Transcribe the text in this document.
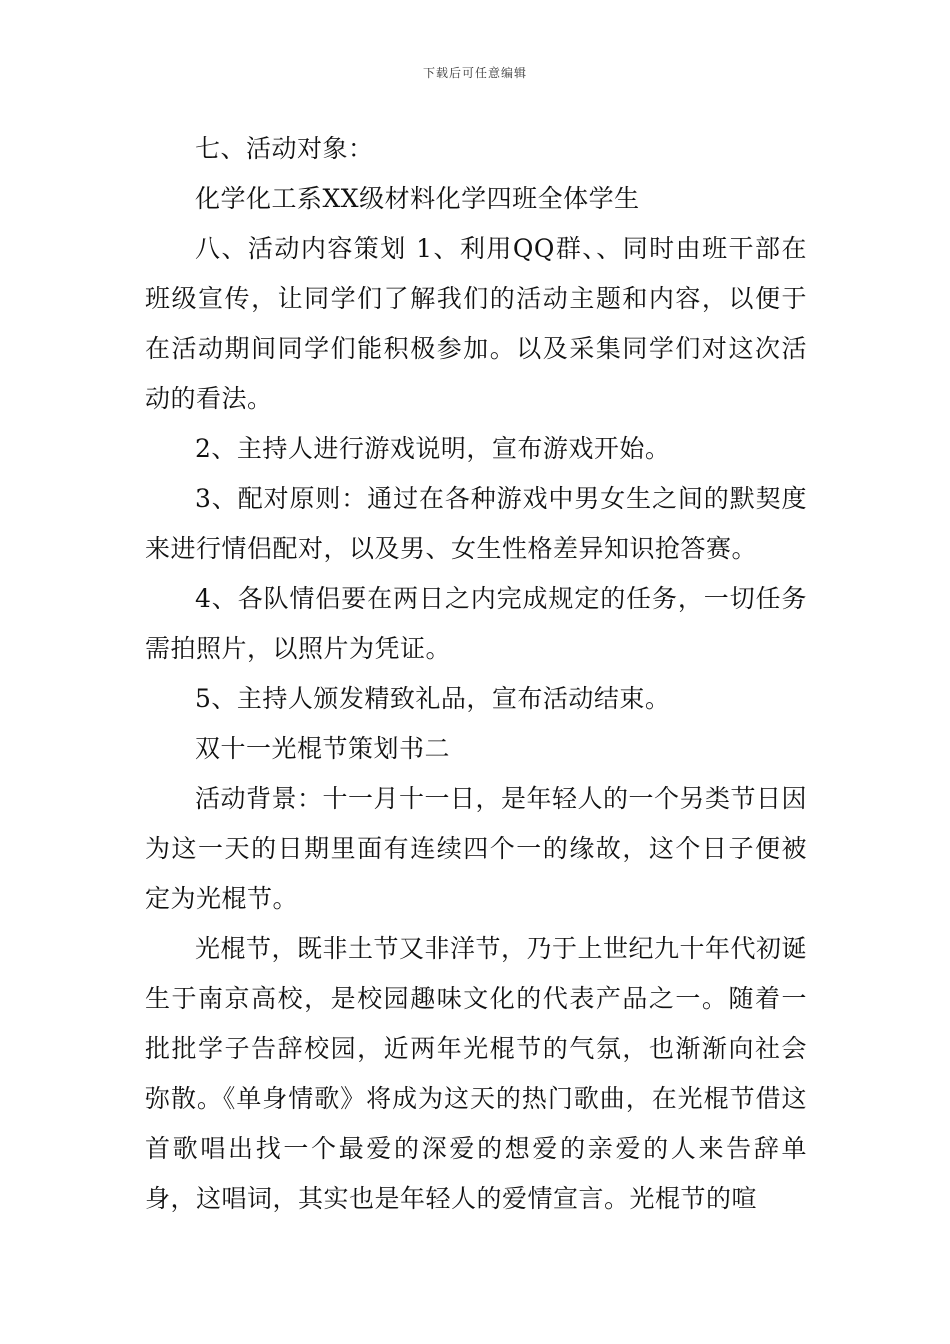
下载后可任意编辑

七、活动对象：

化学化工系XX级材料化学四班全体学生

八、活动内容策划 1、利用QQ群、、同时由班干部在班级宣传，让同学们了解我们的活动主题和内容，以便于在活动期间同学们能积极参加。以及采集同学们对这次活动的看法。

2、主持人进行游戏说明，宣布游戏开始。

3、配对原则：通过在各种游戏中男女生之间的默契度来进行情侣配对，以及男、女生性格差异知识抢答赛。

4、各队情侣要在两日之内完成规定的任务，一切任务需拍照片，以照片为凭证。

5、主持人颁发精致礼品，宣布活动结束。

双十一光棍节策划书二

活动背景：十一月十一日，是年轻人的一个另类节日因为这一天的日期里面有连续四个一的缘故，这个日子便被定为光棍节。

光棍节，既非土节又非洋节，乃于上世纪九十年代初诞生于南京高校，是校园趣味文化的代表产品之一。随着一批批学子告辞校园，近两年光棍节的气氛，也渐渐向社会弥散。《单身情歌》将成为这天的热门歌曲，在光棍节借这首歌唱出找一个最爱的深爱的想爱的亲爱的人来告辞单身，这唱词，其实也是年轻人的爱情宣言。光棍节的喧
